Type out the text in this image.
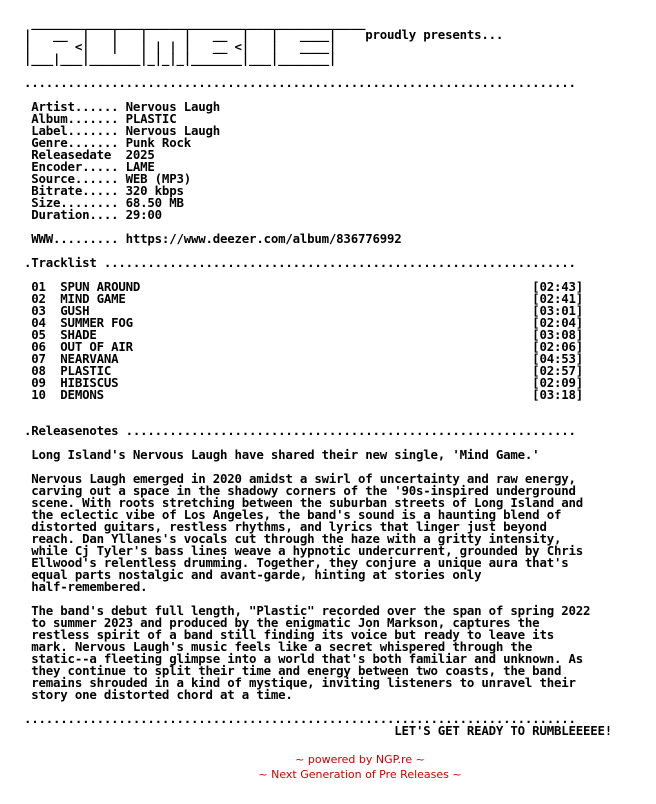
______________________________________________
|   __  |   |   |     |   __  |   |   ____|    proudly presents...
|      <|   |   | | | |   __ <|   |   ____|
|___|___|_______|_|_|_|_______|___|_______|

............................................................................

Artist...... Nervous Laugh
Album....... PLASTIC
Label....... Nervous Laugh
Genre....... Punk Rock
Releasedate  2025
Encoder..... LAME
Source...... WEB (MP3)
Bitrate..... 320 kbps
Size........ 68.50 MB
Duration.... 29:00

WWW......... https://www.deezer.com/album/836776992

.Tracklist .................................................................

01  SPUN AROUND                                                      [02:43]
02  MIND GAME                                                        [02:41]
03  GUSH                                                             [03:01]
04  SUMMER FOG                                                       [02:04]
05  SHADE                                                            [03:08]
06  OUT OF AIR                                                       [02:06]
07  NEARVANA                                                         [04:53]
08  PLASTIC                                                          [02:57]
09  HIBISCUS                                                         [02:09]
10  DEMONS                                                           [03:18]

.Releasenotes ..............................................................

Long Island's Nervous Laugh have shared their new single, 'Mind Game.'

Nervous Laugh emerged in 2020 amidst a swirl of uncertainty and raw energy,
carving out a space in the shadowy corners of the '90s-inspired underground
scene. With roots stretching between the suburban streets of Long Island and
the eclectic vibe of Los Angeles, the band's sound is a haunting blend of
distorted guitars, restless rhythms, and lyrics that linger just beyond
reach. Dan Yllanes's vocals cut through the haze with a gritty intensity,
while Cj Tyler's bass lines weave a hypnotic undercurrent, grounded by Chris
Ellwood's relentless drumming. Together, they conjure a unique aura that's
equal parts nostalgic and avant-garde, hinting at stories only
half-remembered.

The band's debut full length, "Plastic" recorded over the span of spring 2022
to summer 2023 and produced by the enigmatic Jon Markson, captures the
restless spirit of a band still finding its voice but ready to leave its
mark. Nervous Laugh's music feels like a secret whispered through the
static--a fleeting glimpse into a world that's both familiar and unknown. As
they continue to split their time and energy between two coasts, the band
remains shrouded in a kind of mystique, inviting listeners to unravel their
story one distorted chord at a time.

............................................................................
LET'S GET READY TO RUMBLEEEEE!

~ powered by NGP.re ~

~ Next Generation of Pre Releases ~
